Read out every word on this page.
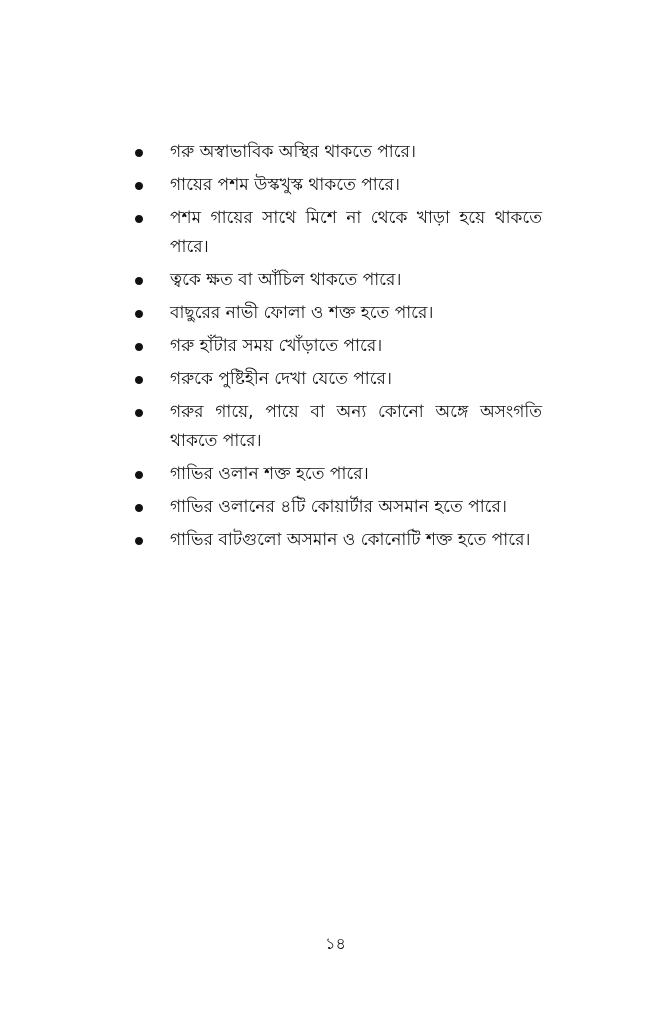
গরু অস্বাভাবিক অস্থির থাকতে পারে।
গায়ের পশম উস্কখুস্ক থাকতে পারে।
পশম গায়ের সাথে মিশে না থেকে খাড়া হয়ে থাকতে পারে।
ত্বকে ক্ষত বা আঁচিল থাকতে পারে।
বাছুরের নাভী ফোলা ও শক্ত হতে পারে।
গরু হাঁটার সময় খোঁড়াতে পারে।
গরুকে পুষ্টিহীন দেখা যেতে পারে।
গরুর গায়ে, পায়ে বা অন্য কোনো অঙ্গে অসংগতি থাকতে পারে।
গাভির ওলান শক্ত হতে পারে।
গাভির ওলানের ৪টি কোয়ার্টার অসমান হতে পারে।
গাভির বাটগুলো অসমান ও কোনোটি শক্ত হতে পারে।
১৪
